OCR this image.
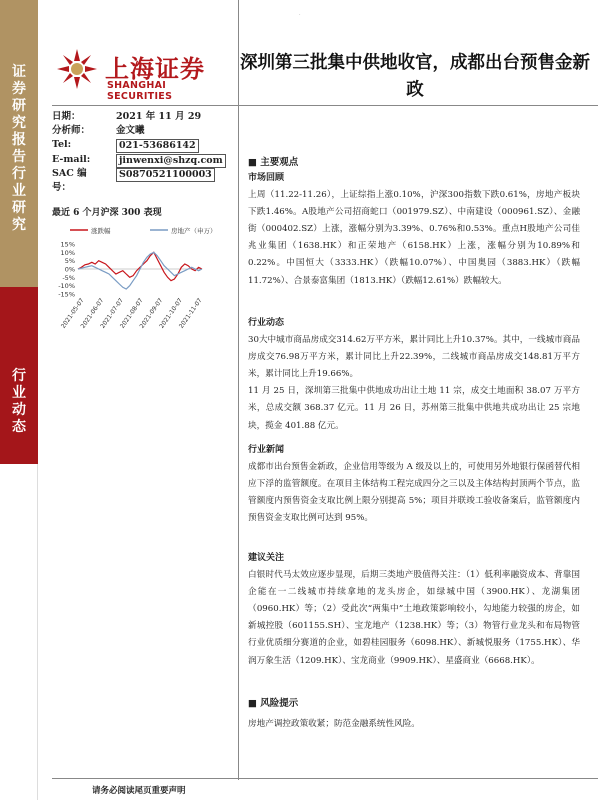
证券研究报告 行业研究
行业动态
·
上海证券
SHANGHAI SECURITIES
深圳第三批集中供地收官，成都出台预售金新政
日期：	2021 年 11 月 29
分析师：	金文曦
Tel:	021-53686142
E-mail:	jinwenxi@shzq.com
SAC 编	S0870521100003
号：
最近 6 个月沪深 300 表现
涨跌幅	房地产（申万）
15%
10%
5%
0%
-5%
-10%
-15%
2021-05-07
2021-06-07
2021-07-07
2021-08-07
2021-09-07
2021-10-07
2021-11-07
■ 主要观点
市场回顾
上周（11.22-11.26），上证综指上涨0.10%，沪深300指数下跌0.61%，房地产板块下跌1.46%。A股地产公司招商蛇口（001979.SZ）、中南建设（000961.SZ）、金融街（000402.SZ）上涨，涨幅分别为3.39%、0.76%和0.53%。重点H股地产公司佳兆业集团（1638.HK）和正荣地产（6158.HK）上涨，涨幅分别为10.89%和0.22%。中国恒大（3333.HK）（跌幅10.07%）、中国奥园（3883.HK）（跌幅11.72%）、合景泰富集团（1813.HK）（跌幅12.61%）跌幅较大。
行业动态
30大中城市商品房成交314.62万平方米，累计同比上升10.37%。其中，一线城市商品房成交76.98万平方米，累计同比上升22.39%，二线城市商品房成交148.81万平方米，累计同比上升19.66%。
11 月 25 日，深圳第三批集中供地成功出让土地 11 宗，成交土地面积 38.07 万平方米，总成交额 368.37 亿元。11 月 26 日，苏州第三批集中供地共成功出让 25 宗地块，揽金 401.88 亿元。
行业新闻
成都市出台预售金新政，企业信用等级为 A 级及以上的，可使用另外地银行保函替代相应下浮的监管额度。在项目主体结构工程完成四分之三以及主体结构封顶两个节点，监管额度内预售资金支取比例上限分别提高 5%；项目并联竣工验收备案后，监管额度内预售资金支取比例可达到 95%。
建议关注
白银时代马太效应逐步显现，后期三类地产股值得关注：（1）低利率融资成本、背靠国企能在一二线城市持续拿地的龙头房企，如绿城中国（3900.HK）、龙湖集团（0960.HK）等；（2）受此次“两集中”土地政策影响较小，勾地能力较强的房企，如新城控股（601155.SH）、宝龙地产（1238.HK）等；（3）物管行业龙头和布局物管行业优质细分赛道的企业，如碧桂园服务（6098.HK）、新城悦服务（1755.HK）、华润万象生活（1209.HK）、宝龙商业（9909.HK）、星盛商业（6668.HK）。
■ 风险提示
房地产调控政策收紧；防范金融系统性风险。
请务必阅读尾页重要声明
